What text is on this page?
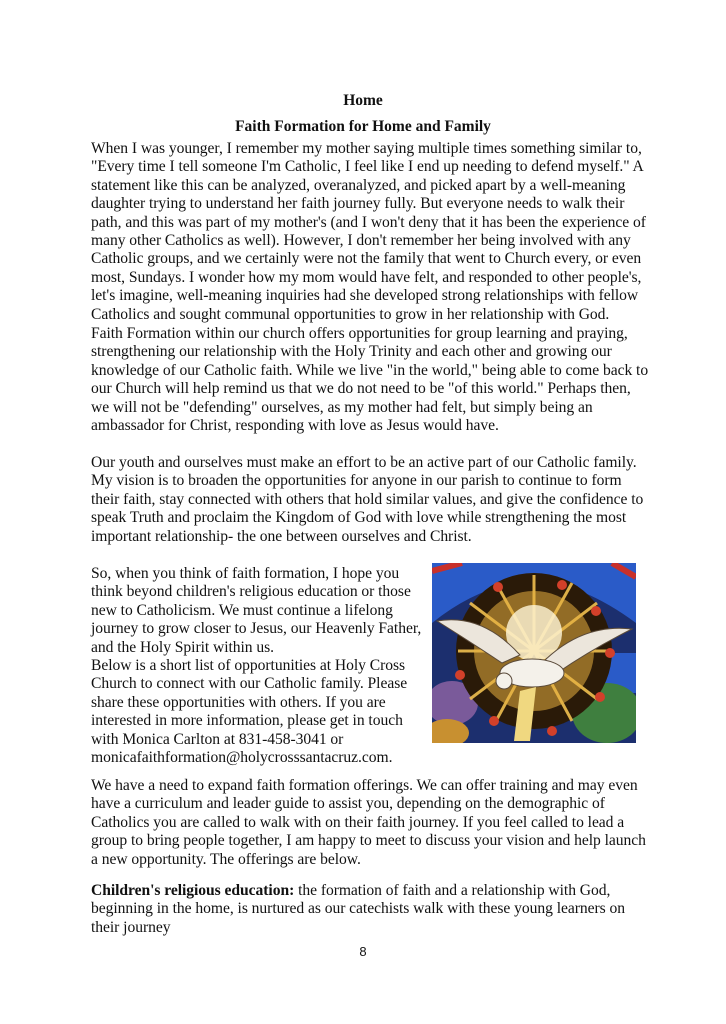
Home
Faith Formation for Home and Family

When I was younger, I remember my mother saying multiple times something similar to, "Every time I tell someone I'm Catholic, I feel like I end up needing to defend myself." A statement like this can be analyzed, overanalyzed, and picked apart by a well-meaning daughter trying to understand her faith journey fully. But everyone needs to walk their path, and this was part of my mother's (and I won't deny that it has been the experience of many other Catholics as well). However, I don't remember her being involved with any Catholic groups, and we certainly were not the family that went to Church every, or even most, Sundays. I wonder how my mom would have felt, and responded to other people's, let's imagine, well-meaning inquiries had she developed strong relationships with fellow Catholics and sought communal opportunities to grow in her relationship with God.

Faith Formation within our church offers opportunities for group learning and praying, strengthening our relationship with the Holy Trinity and each other and growing our knowledge of our Catholic faith. While we live "in the world," being able to come back to our Church will help remind us that we do not need to be "of this world." Perhaps then, we will not be "defending" ourselves, as my mother had felt, but simply being an ambassador for Christ, responding with love as Jesus would have.

Our youth and ourselves must make an effort to be an active part of our Catholic family. My vision is to broaden the opportunities for anyone in our parish to continue to form their faith, stay connected with others that hold similar values, and give the confidence to speak Truth and proclaim the Kingdom of God with love while strengthening the most important relationship- the one between ourselves and Christ.

So, when you think of faith formation, I hope you think beyond children's religious education or those new to Catholicism. We must continue a lifelong journey to grow closer to Jesus, our Heavenly Father, and the Holy Spirit within us.

Below is a short list of opportunities at Holy Cross Church to connect with our Catholic family. Please share these opportunities with others. If you are interested in more information, please get in touch with Monica Carlton at 831-458-3041 or monicafaithformation@holycrosssantacruz.com.

We have a need to expand faith formation offerings. We can offer training and may even have a curriculum and leader guide to assist you, depending on the demographic of Catholics you are called to walk with on their faith journey. If you feel called to lead a group to bring people together, I am happy to meet to discuss your vision and help launch a new opportunity. The offerings are below.

Children's religious education: the formation of faith and a relationship with God, beginning in the home, is nurtured as our catechists walk with these young learners on their journey

8
